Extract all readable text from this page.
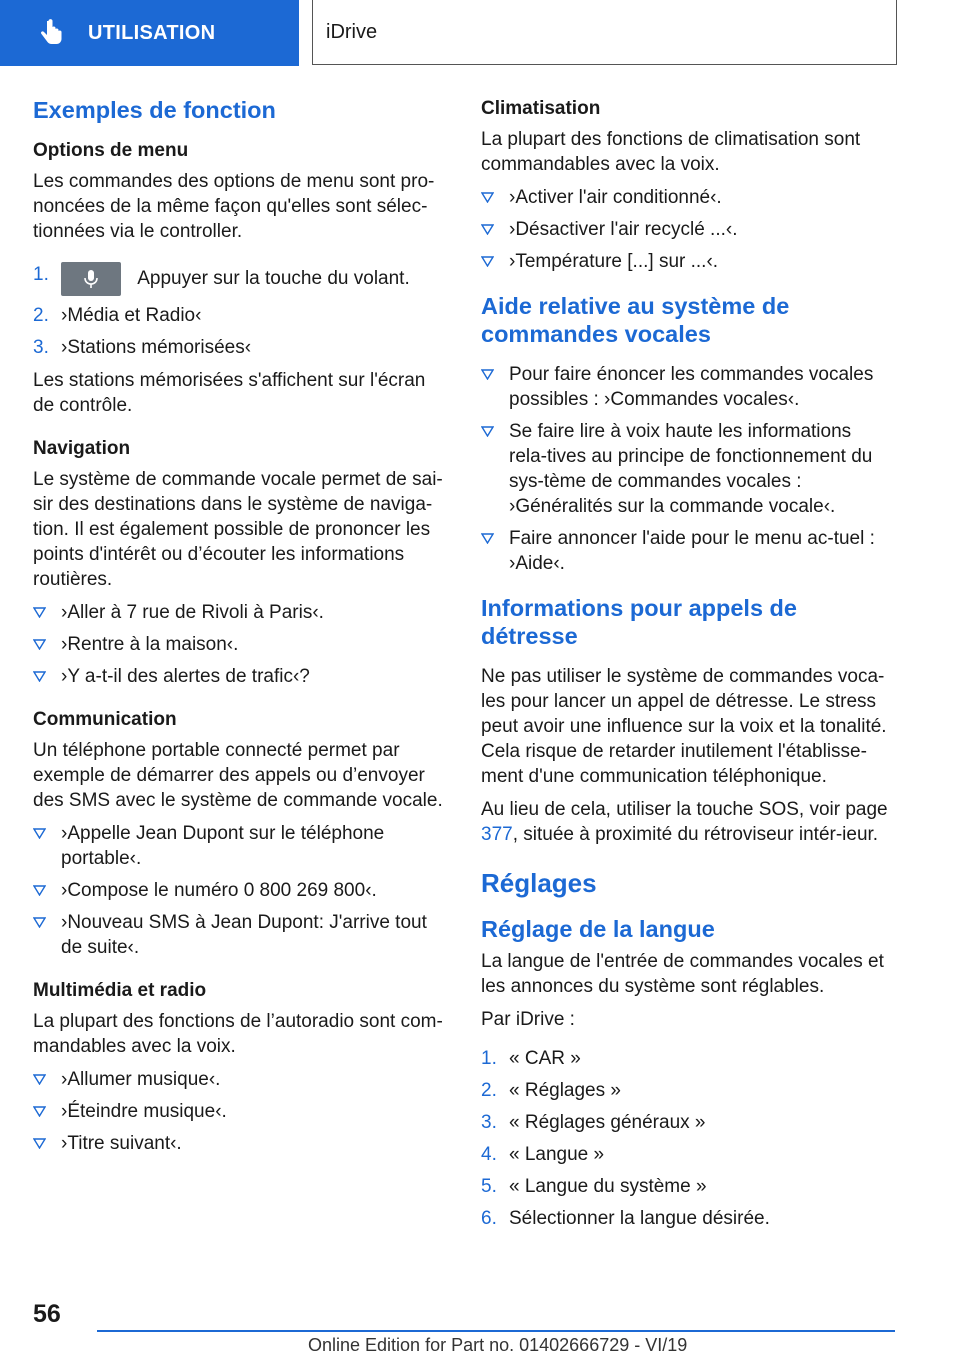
UTILISATION	iDrive
Exemples de fonction
Options de menu

Les commandes des options de menu sont pro-noncées de la même façon qu'elles sont sélec-tionnées via le controller.

1.	Appuyer sur la touche du volant.
2. ›Média et Radio‹
3. ›Stations mémorisées‹

Les stations mémorisées s'affichent sur l'écran de contrôle.

Navigation

Le système de commande vocale permet de sai-sir des destinations dans le système de naviga-tion. Il est également possible de prononcer les points d'intérêt ou d’écouter les informations routières.

›Aller à 7 rue de Rivoli à Paris‹.
›Rentre à la maison‹.
›Y a-t-il des alertes de trafic‹?
Communication

Un téléphone portable connecté permet par exemple de démarrer des appels ou d’envoyer des SMS avec le système de commande vocale.

›Appelle Jean Dupont sur le téléphone portable‹.
›Compose le numéro 0 800 269 800‹.
›Nouveau SMS à Jean Dupont: J'arrive tout de suite‹.
Multimédia et radio

La plupart des fonctions de l’autoradio sont com-mandables avec la voix.

›Allumer musique‹.
›Éteindre musique‹.
›Titre suivant‹.
Climatisation

La plupart des fonctions de climatisation sont commandables avec la voix.

›Activer l'air conditionné‹.
›Désactiver l'air recyclé ...‹.
›Température [...] sur ...‹.
Aide relative au système de commandes vocales
Pour faire énoncer les commandes vocales possibles : ›Commandes vocales‹.
Se faire lire à voix haute les informations rela-tives au principe de fonctionnement du sys-tème de commandes vocales : ›Généralités sur la commande vocale‹.
Faire annoncer l'aide pour le menu ac-tuel : ›Aide‹.
Informations pour appels de détresse

Ne pas utiliser le système de commandes voca-les pour lancer un appel de détresse. Le stress peut avoir une influence sur la voix et la tonalité. Cela risque de retarder inutilement l'établisse-ment d'une communication téléphonique.

Au lieu de cela, utiliser la touche SOS, voir page 377, située à proximité du rétroviseur intér-ieur.

Réglages
Réglage de la langue

La langue de l'entrée de commandes vocales et les annonces du système sont réglables.

Par iDrive :

1. « CAR »
2. « Réglages »
3. « Réglages généraux »
4. « Langue »
5. « Langue du système »
6. Sélectionner la langue désirée.
56
Online Edition for Part no. 01402666729 - VI/19
